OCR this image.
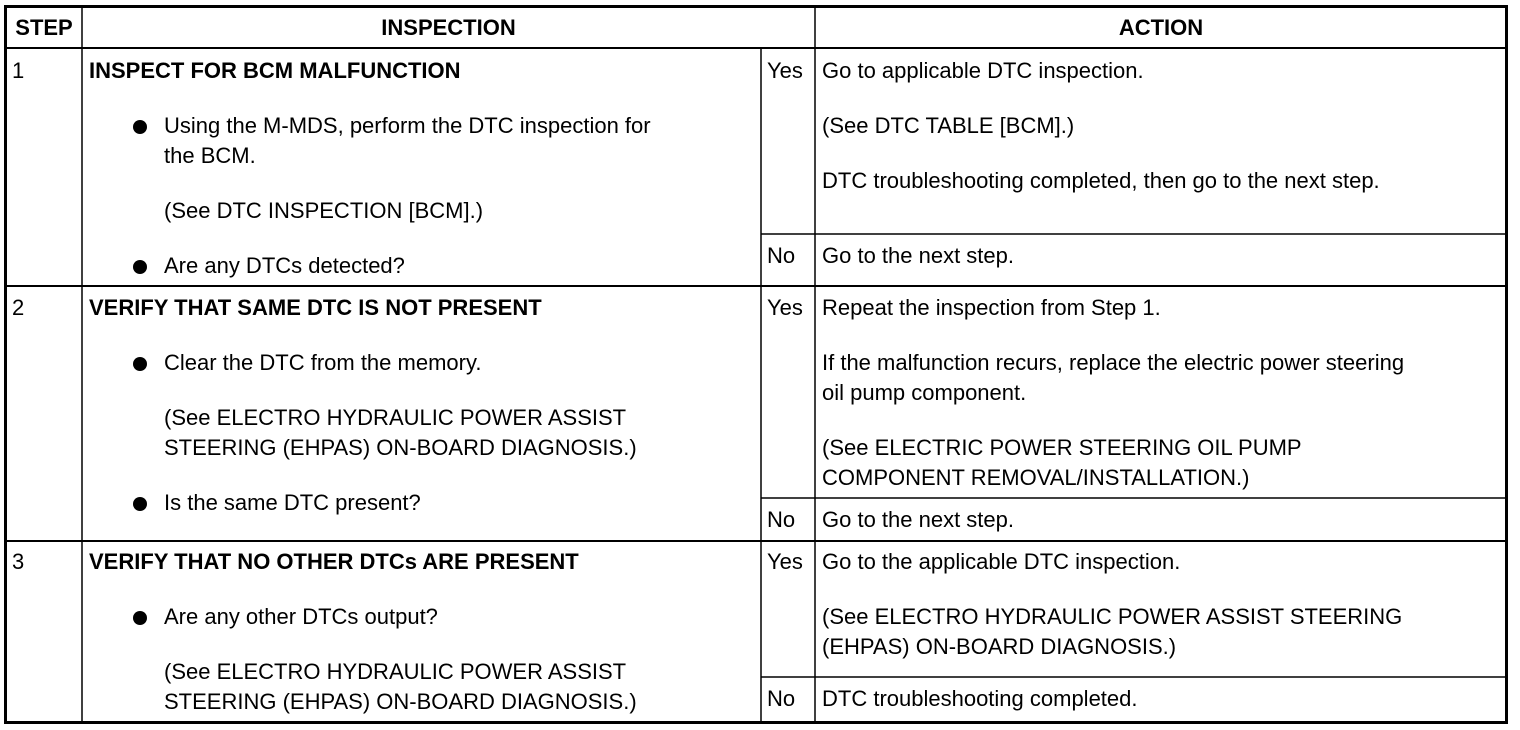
STEP	INSPECTION	ACTION
1	INSPECT FOR BCM MALFUNCTION
Using the M-MDS, perform the DTC inspection for
the BCM.
(See DTC INSPECTION [BCM].)
Are any DTCs detected?
Yes Go to applicable DTC inspection.
(See DTC TABLE [BCM].)
DTC troubleshooting completed, then go to the next step.
No Go to the next step.
2	VERIFY THAT SAME DTC IS NOT PRESENT
Clear the DTC from the memory.
(See ELECTRO HYDRAULIC POWER ASSIST
STEERING (EHPAS) ON-BOARD DIAGNOSIS.)
Is the same DTC present?
Yes Repeat the inspection from Step 1.
If the malfunction recurs, replace the electric power steering
oil pump component.
(See ELECTRIC POWER STEERING OIL PUMP
COMPONENT REMOVAL/INSTALLATION.)
No Go to the next step.
3	VERIFY THAT NO OTHER DTCs ARE PRESENT
Are any other DTCs output?
(See ELECTRO HYDRAULIC POWER ASSIST
STEERING (EHPAS) ON-BOARD DIAGNOSIS.)
Yes Go to the applicable DTC inspection.
(See ELECTRO HYDRAULIC POWER ASSIST STEERING
(EHPAS) ON-BOARD DIAGNOSIS.)
No DTC troubleshooting completed.
